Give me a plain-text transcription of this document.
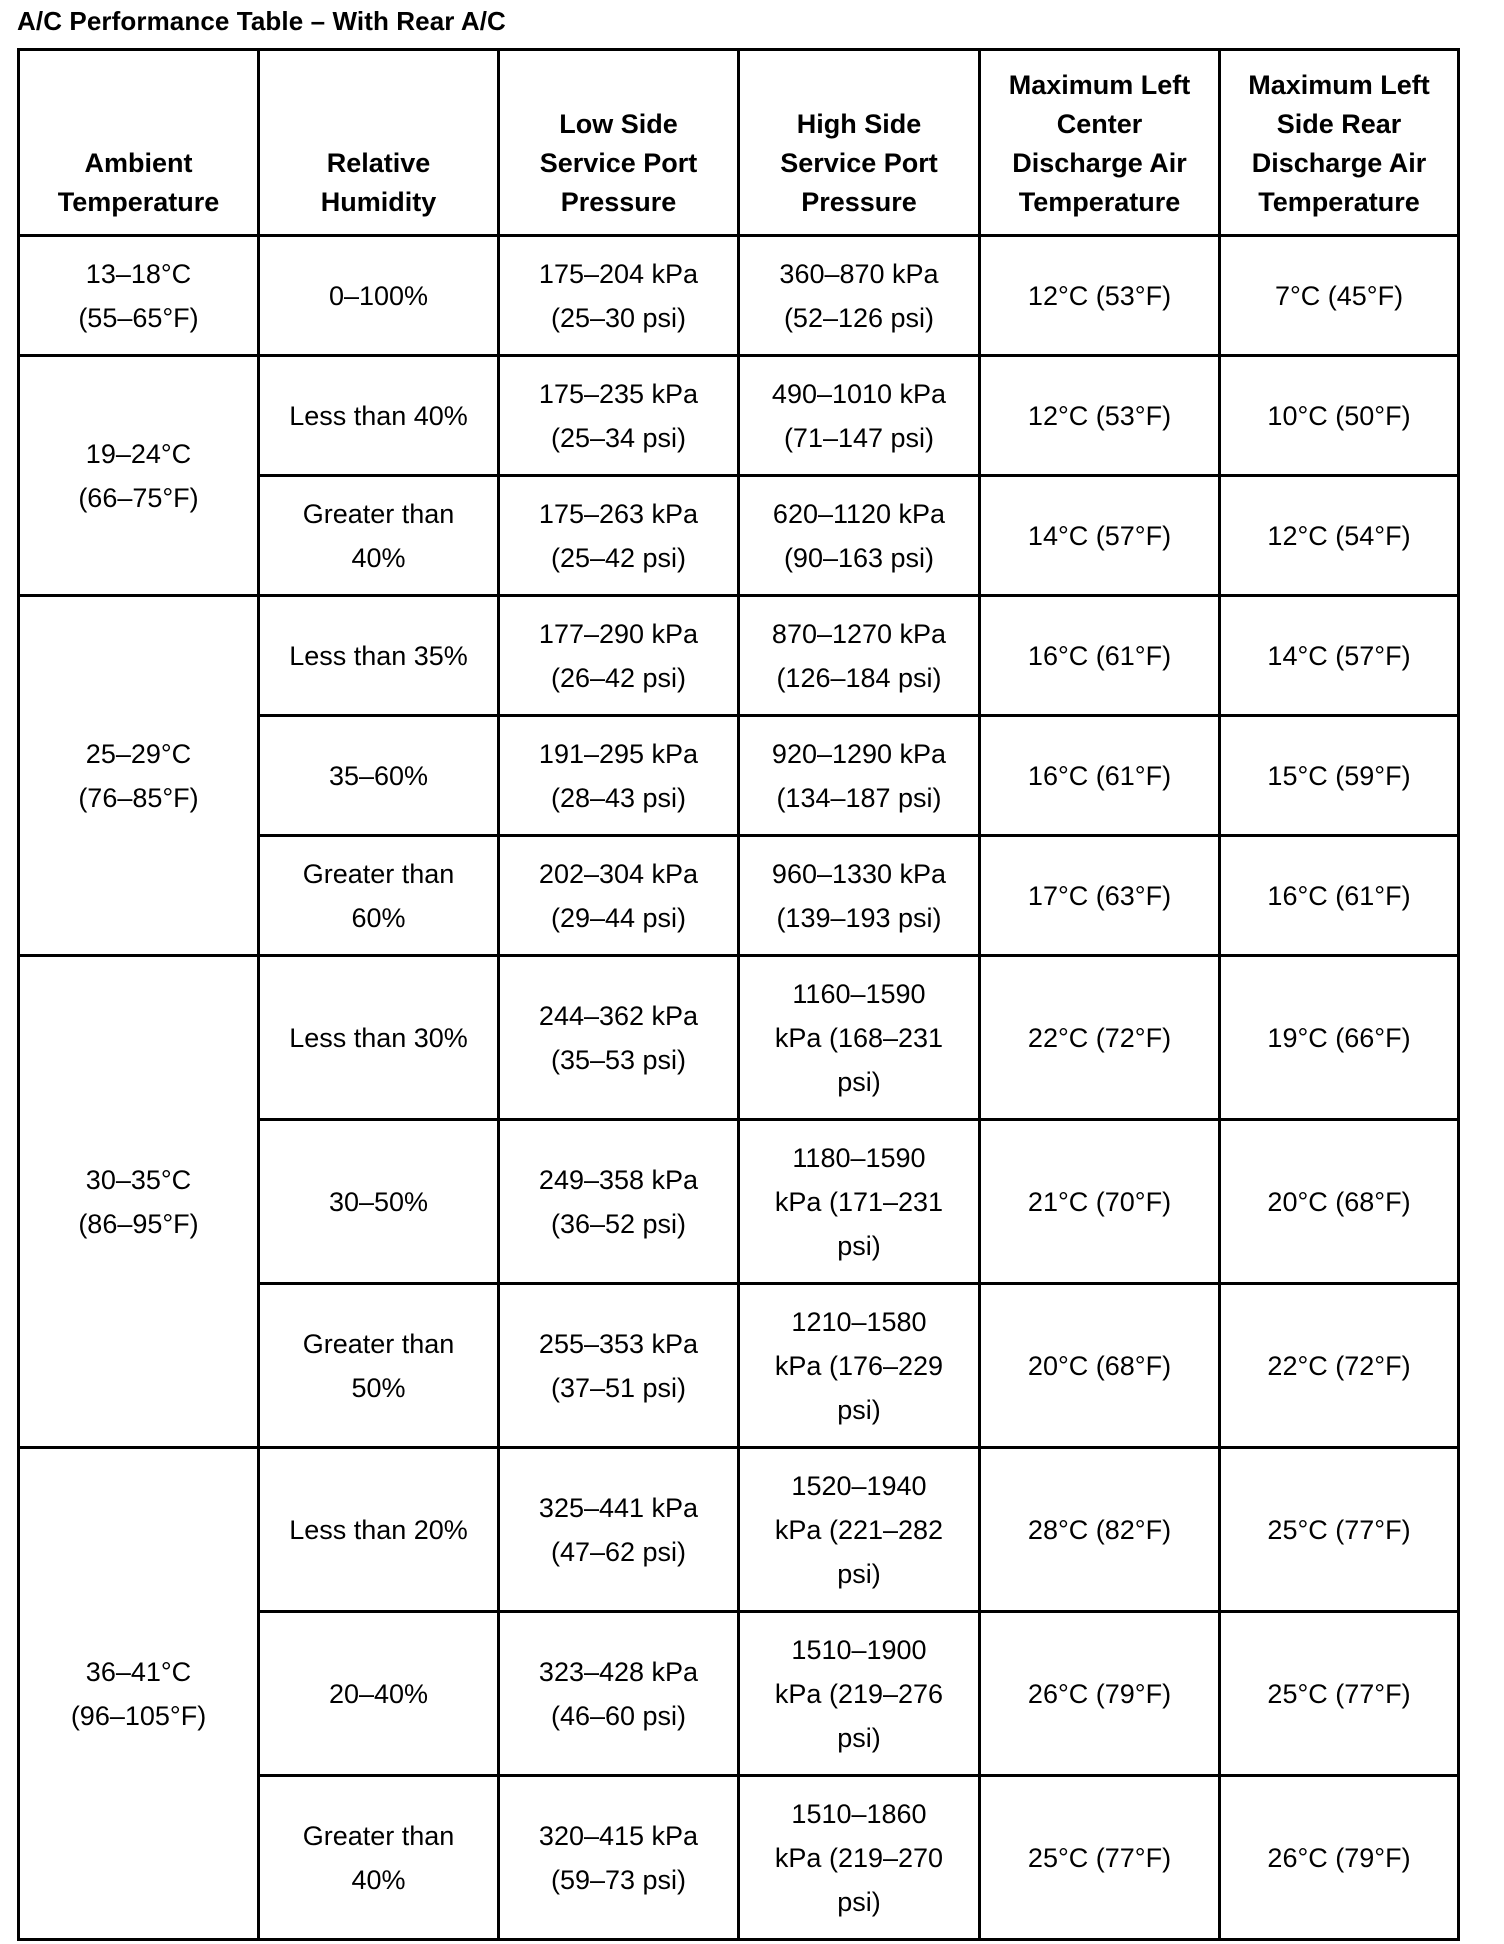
A/C Performance Table – With Rear A/C
Ambient Temperature	Relative Humidity	Low Side Service Port Pressure	High Side Service Port Pressure	Maximum Left Center Discharge Air Temperature	Maximum Left Side Rear Discharge Air Temperature

13–18°C
(55–65°F)	0–100%	175–204 kPa
(25–30 psi)	360–870 kPa
(52–126 psi)	12°C (53°F)	7°C (45°F)

19–24°C
(66–75°F)	Less than 40%	175–235 kPa
(25–34 psi)	490–1010 kPa
(71–147 psi)	12°C (53°F)	10°C (50°F)

	Greater than
40%	175–263 kPa
(25–42 psi)	620–1120 kPa
(90–163 psi)	14°C (57°F)	12°C (54°F)

25–29°C
(76–85°F)	Less than 35%	177–290 kPa
(26–42 psi)	870–1270 kPa
(126–184 psi)	16°C (61°F)	14°C (57°F)

	35–60%	191–295 kPa
(28–43 psi)	920–1290 kPa
(134–187 psi)	16°C (61°F)	15°C (59°F)

	Greater than
60%	202–304 kPa
(29–44 psi)	960–1330 kPa
(139–193 psi)	17°C (63°F)	16°C (61°F)

30–35°C
(86–95°F)	Less than 30%	244–362 kPa
(35–53 psi)	1160–1590
kPa (168–231
psi)	22°C (72°F)	19°C (66°F)

	30–50%	249–358 kPa
(36–52 psi)	1180–1590
kPa (171–231
psi)	21°C (70°F)	20°C (68°F)

	Greater than
50%	255–353 kPa
(37–51 psi)	1210–1580
kPa (176–229
psi)	20°C (68°F)	22°C (72°F)

36–41°C
(96–105°F)	Less than 20%	325–441 kPa
(47–62 psi)	1520–1940
kPa (221–282
psi)	28°C (82°F)	25°C (77°F)

	20–40%	323–428 kPa
(46–60 psi)	1510–1900
kPa (219–276
psi)	26°C (79°F)	25°C (77°F)

	Greater than
40%	320–415 kPa
(59–73 psi)	1510–1860
kPa (219–270
psi)	25°C (77°F)	26°C (79°F)
